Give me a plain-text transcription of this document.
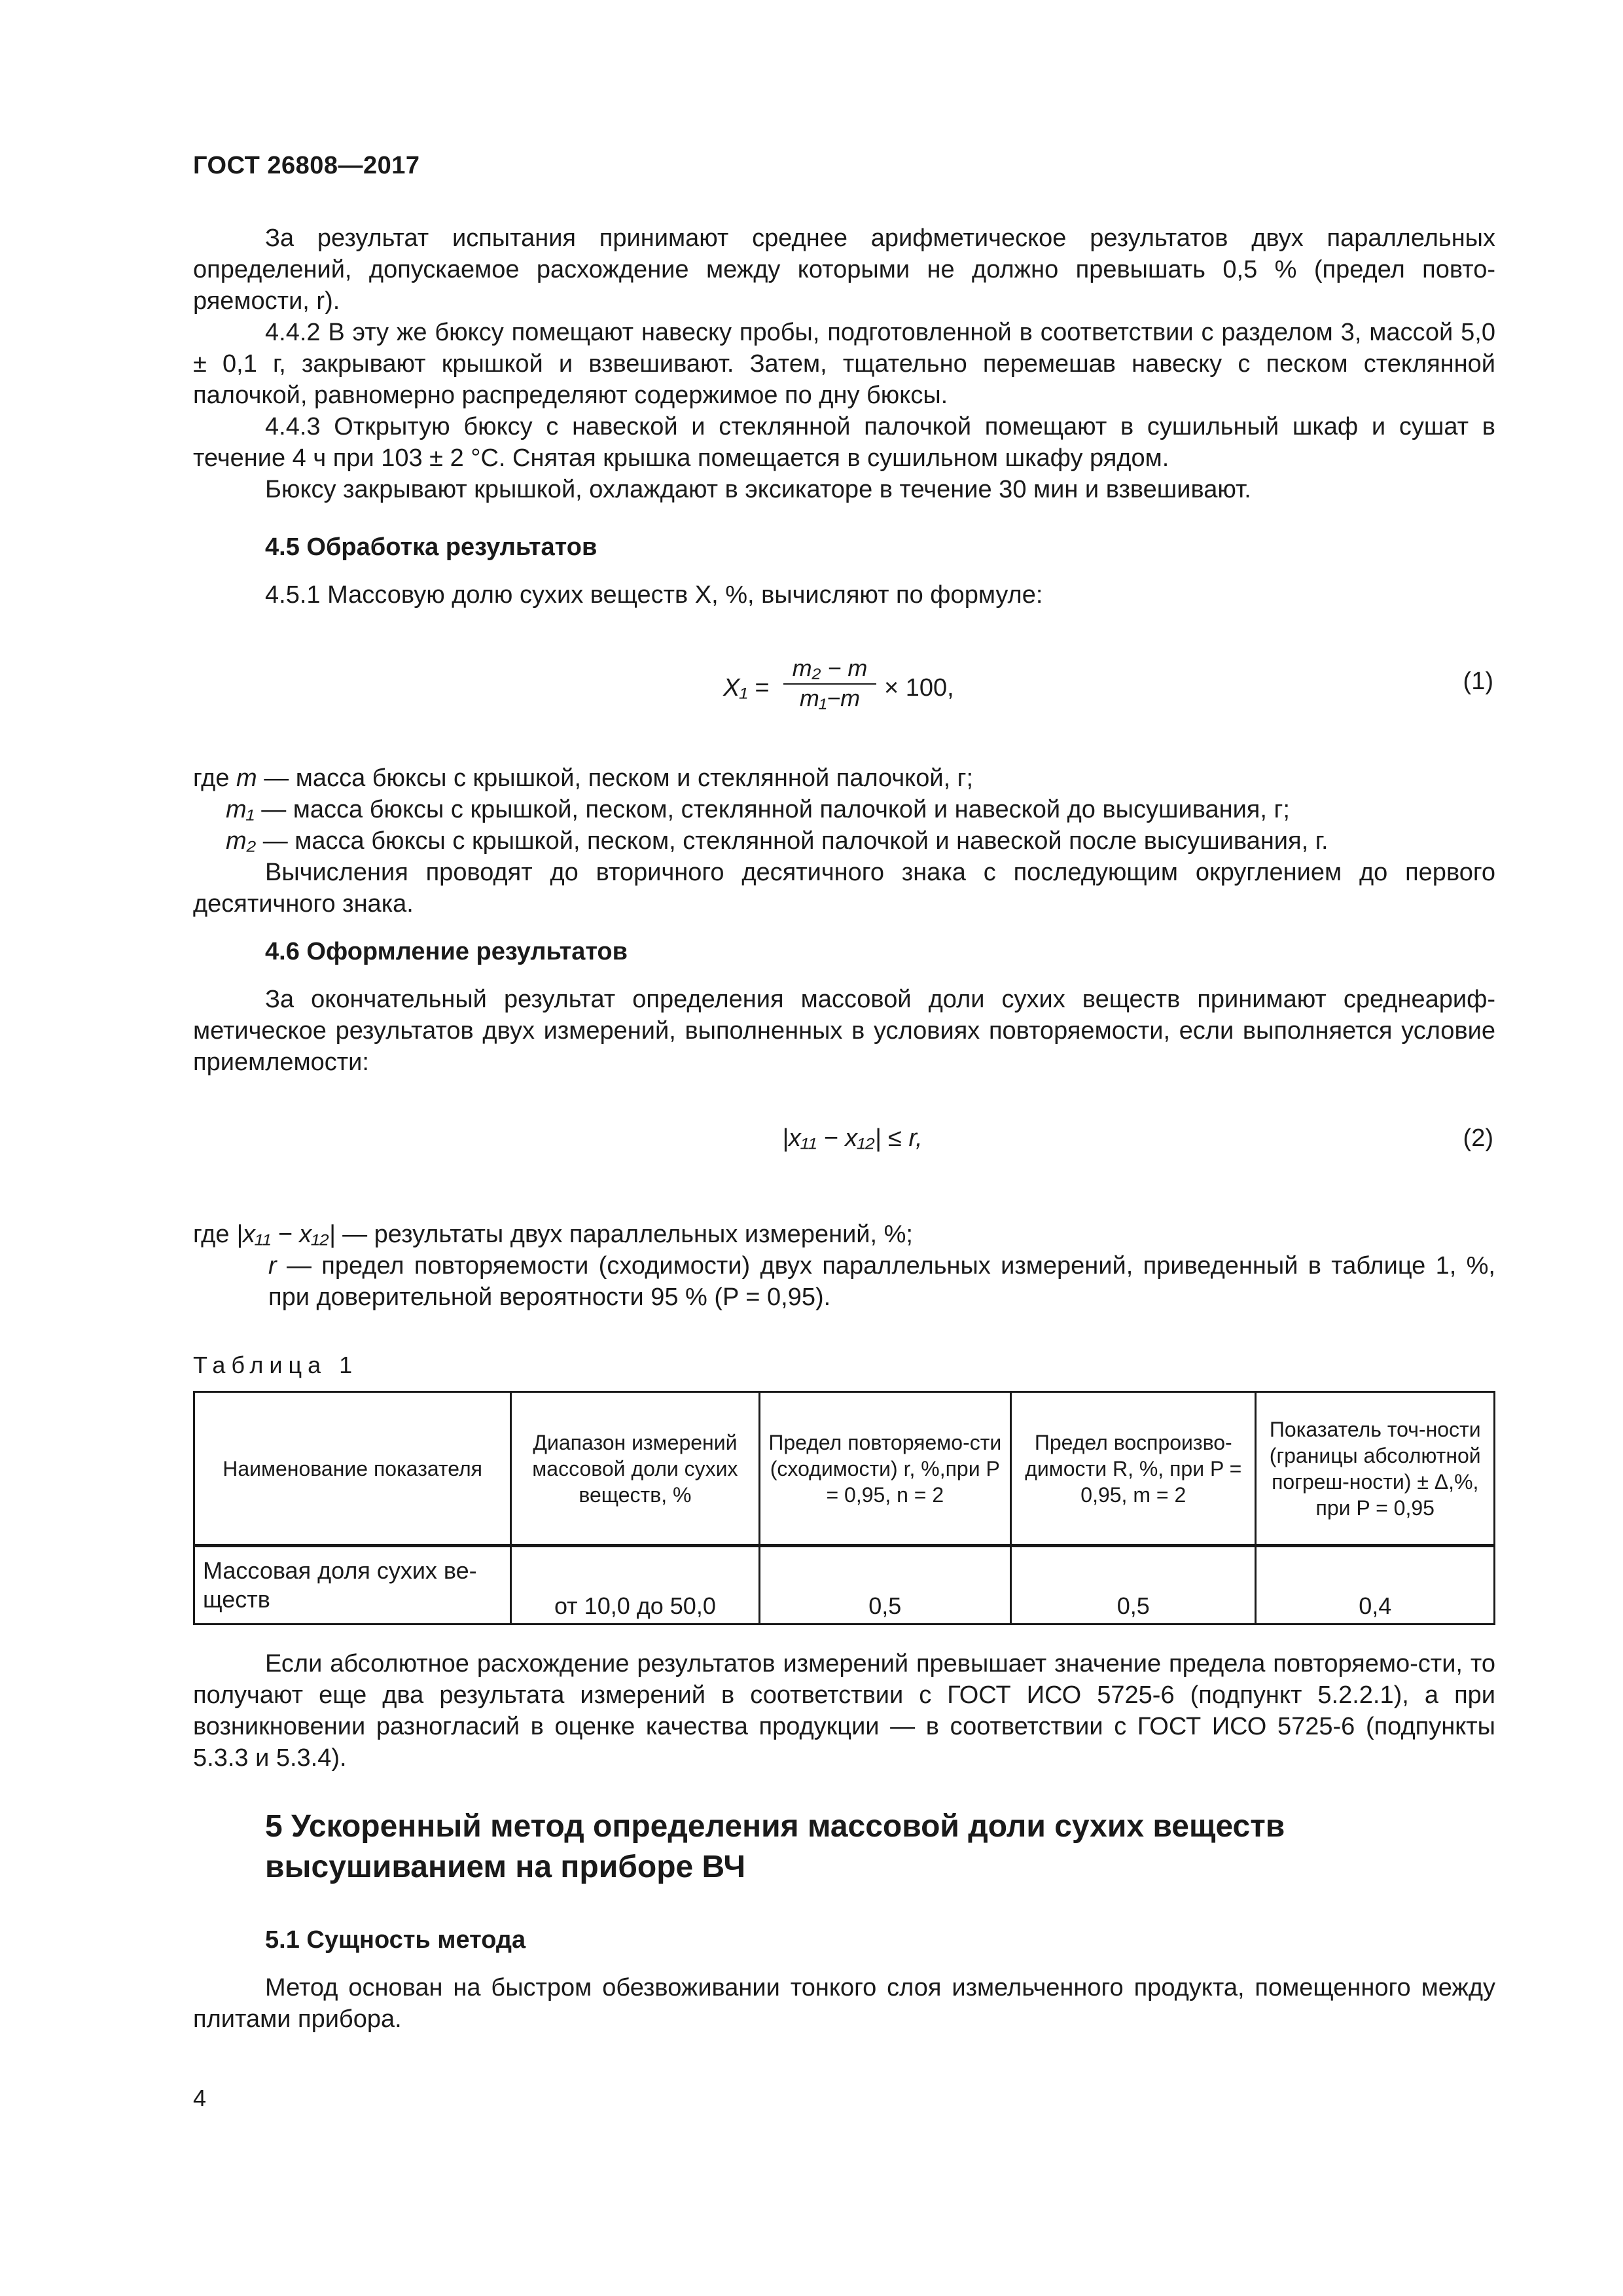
ГОСТ 26808—2017

За результат испытания принимают среднее арифметическое результатов двух параллельных определений, допускаемое расхождение между которыми не должно превышать 0,5 % (предел повто-ряемости, r).

4.4.2 В эту же бюксу помещают навеску пробы, подготовленной в соответствии с разделом 3, массой 5,0 ± 0,1 г, закрывают крышкой и взвешивают. Затем, тщательно перемешав навеску с песком стеклянной палочкой, равномерно распределяют содержимое по дну бюксы.

4.4.3 Открытую бюксу с навеской и стеклянной палочкой помещают в сушильный шкаф и сушат в течение 4 ч при 103 ± 2 °С. Снятая крышка помещается в сушильном шкафу рядом.

Бюксу закрывают крышкой, охлаждают в эксикаторе в течение 30 мин и взвешивают.

4.5 Обработка результатов

4.5.1 Массовую долю сухих веществ X, %, вычисляют по формуле:

X₁ =
m₂ − m
m₁−m × 100,	(1)
где m — масса бюксы с крышкой, песком и стеклянной палочкой, г;
m₁ — масса бюксы с крышкой, песком, стеклянной палочкой и навеской до высушивания, г;
m₂ — масса бюксы с крышкой, песком, стеклянной палочкой и навеской после высушивания, г.

Вычисления проводят до вторичного десятичного знака с последующим округлением до первого десятичного знака.

4.6 Оформление результатов

За окончательный результат определения массовой доли сухих веществ принимают среднеариф-метическое результатов двух измерений, выполненных в условиях повторяемости, если выполняется условие приемлемости:

|x₁₁ − x₁₂| ≤ r,	(2)
где |x₁₁ − x₁₂| — результаты двух параллельных измерений, %;
r — предел повторяемости (сходимости) двух параллельных измерений, приведенный в таблице 1, %, при доверительной вероятности 95 % (P = 0,95).
Таблица 1
Наименование показателя	Диапазон измерений массовой доли сухих веществ, %	Предел повторяемо-сти (сходимости) r, %,при P = 0,95, n = 2	Предел воспроизво-димости R, %, при P = 0,95, m = 2	Показатель точ-ности (границы абсолютной погреш-ности) ± Δ,%, при P = 0,95
Массовая доля сухих ве-ществ	от 10,0 до 50,0	0,5	0,5	0,4

Если абсолютное расхождение результатов измерений превышает значение предела повторяемо-сти, то получают еще два результата измерений в соответствии с ГОСТ ИСО 5725-6 (подпункт 5.2.2.1), а при возникновении разногласий в оценке качества продукции — в соответствии с ГОСТ ИСО 5725-6 (подпункты 5.3.3 и 5.3.4).

5 Ускоренный метод определения массовой доли сухих веществ высушиванием на приборе ВЧ

5.1 Сущность метода

Метод основан на быстром обезвоживании тонкого слоя измельченного продукта, помещенного между плитами прибора.

4
